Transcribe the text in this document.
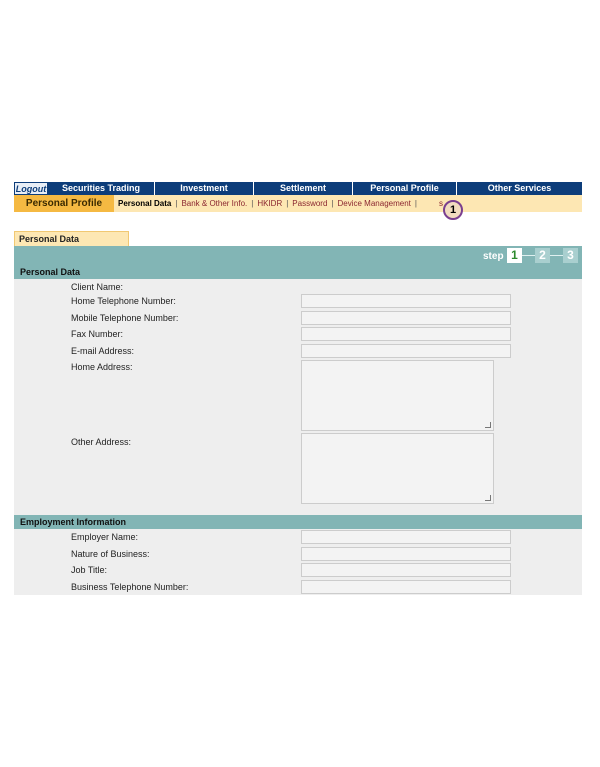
Logout	Securities Trading	Investment	Settlement	Personal Profile	Other Services
Personal Profile	Personal Data | Bank & Other Info. | HKIDR | Password | Device Management |	s
1
Personal Data
step 1	2	3
Personal Data
Client Name:
Home Telephone Number:
Mobile Telephone Number:
Fax Number:
E-mail Address:
Home Address:
Other Address:
Employment Information
Employer Name:
Nature of Business:
Job Title:
Business Telephone Number:
